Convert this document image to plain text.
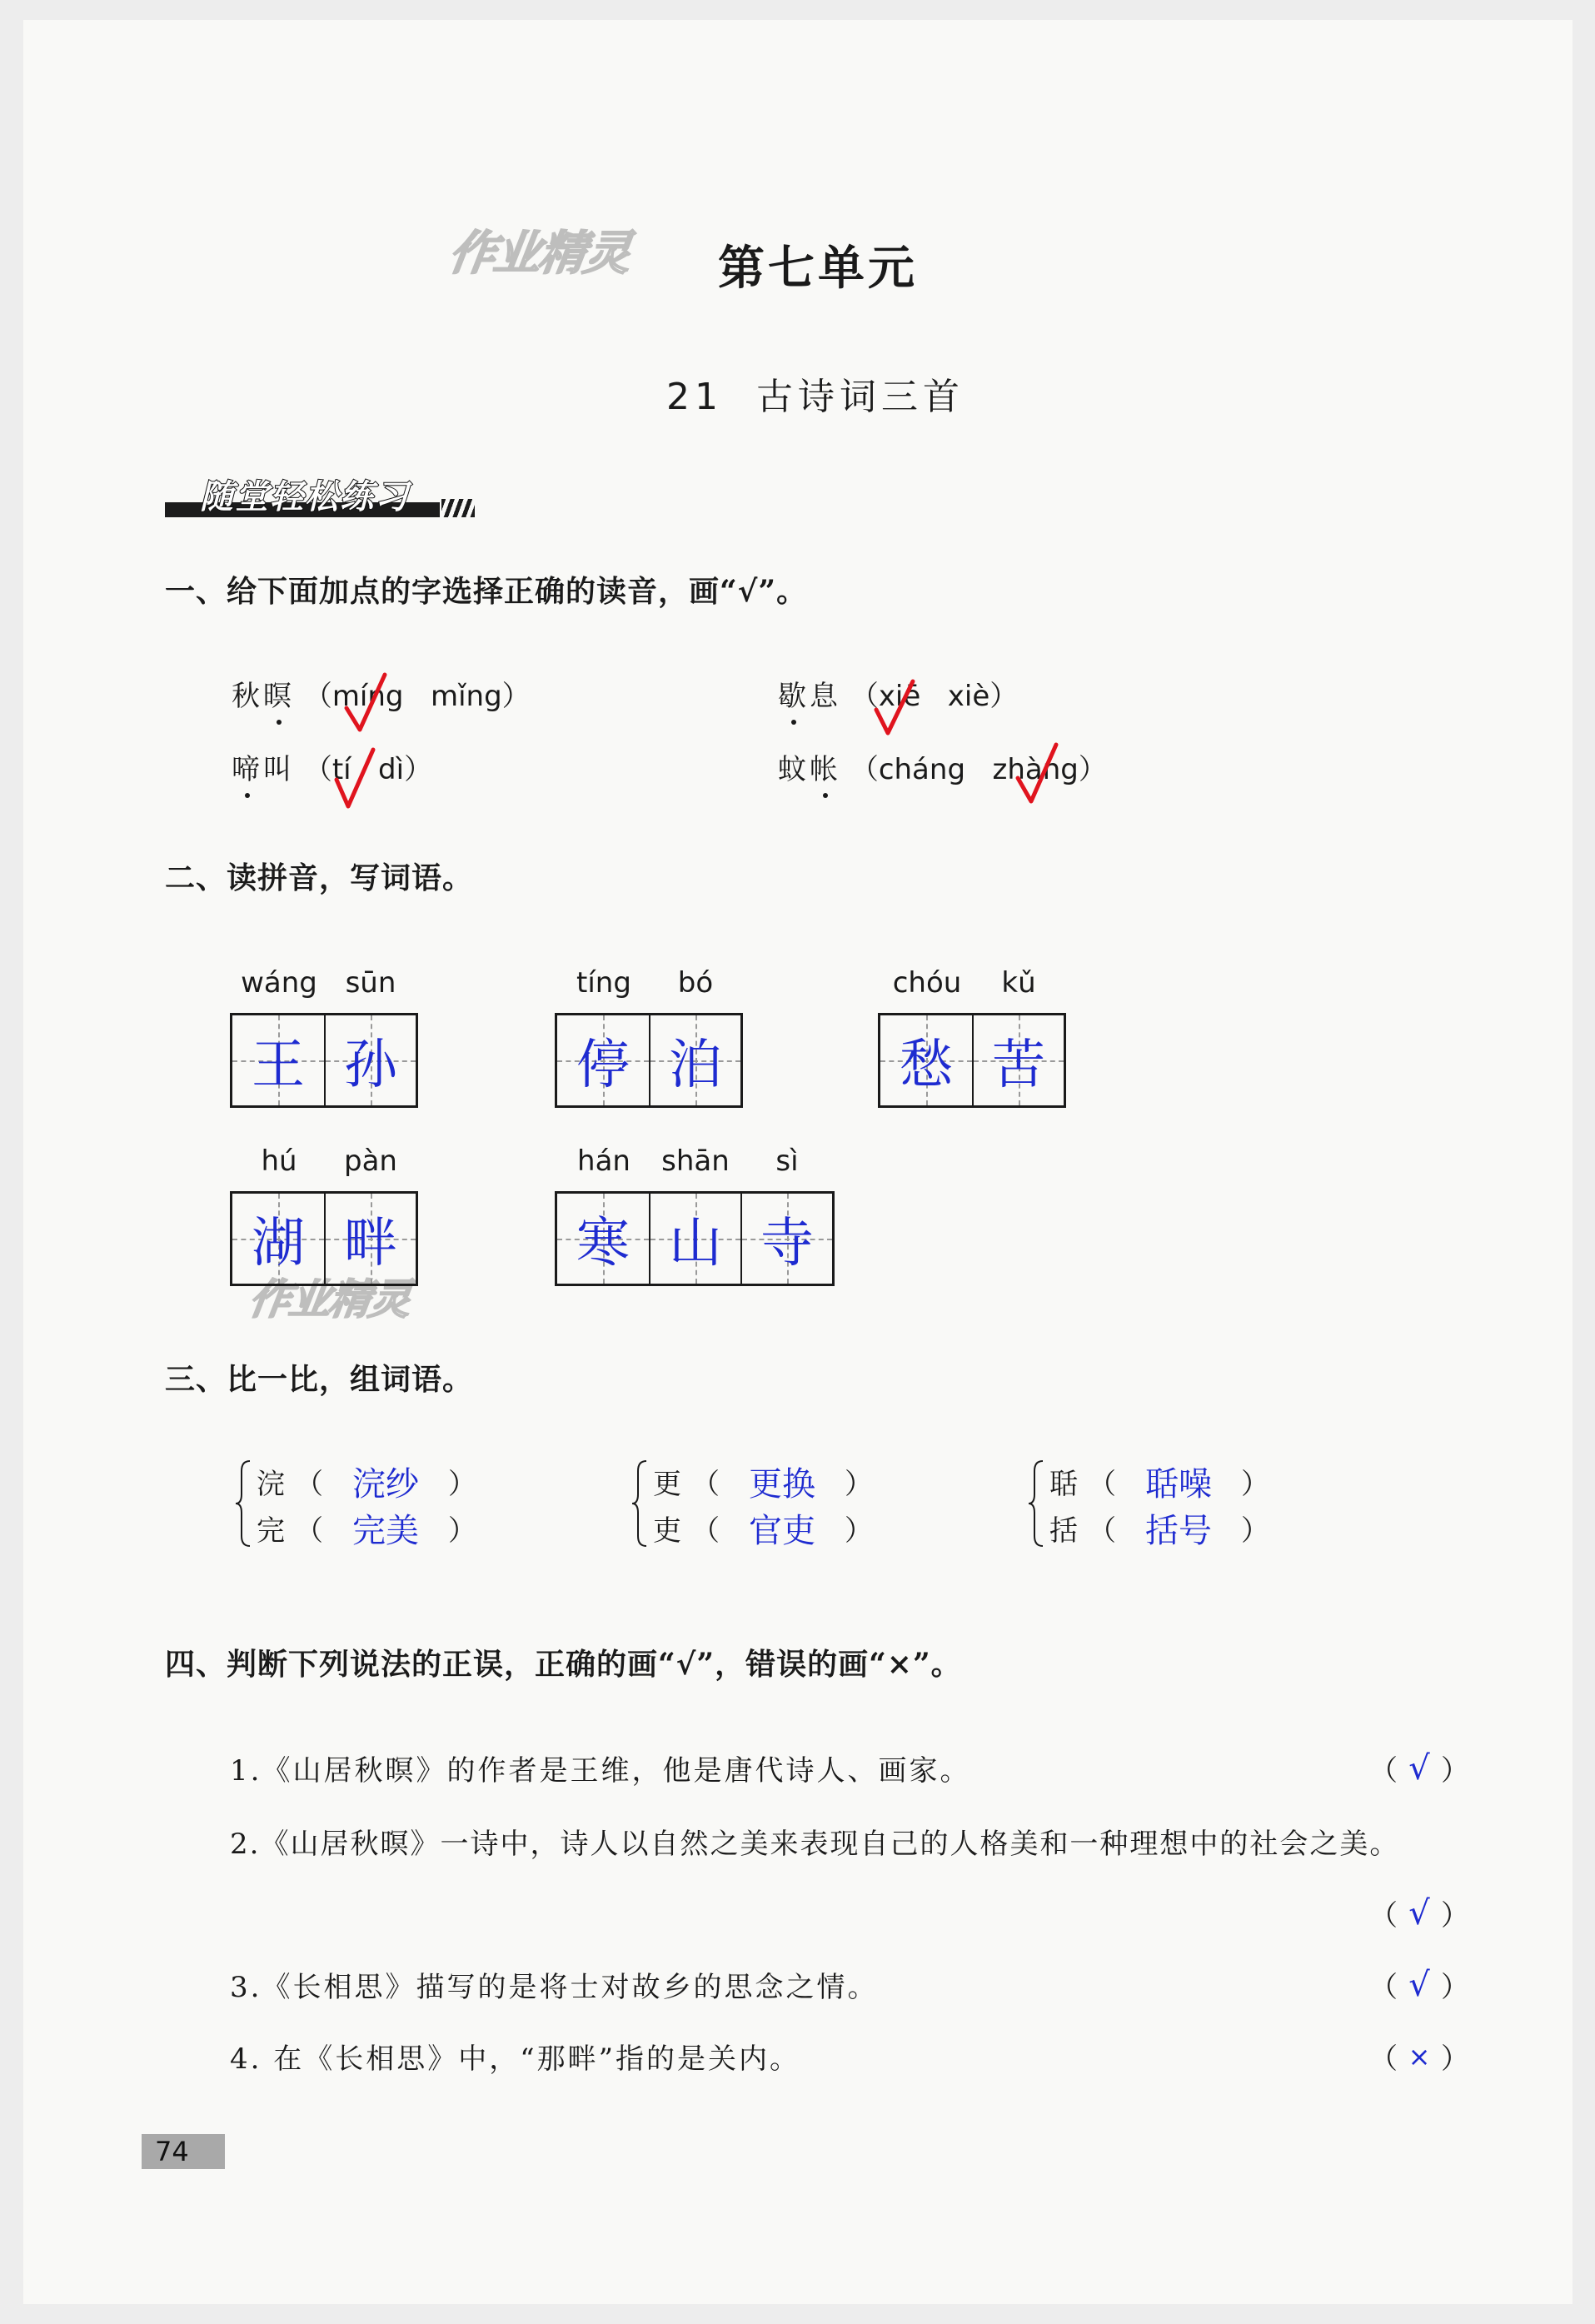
作业精灵
作业精灵
第七单元
21  古诗词三首
随堂轻松练习
一、给下面加点的字选择正确的读音，画“√”。
秋暝 （míng mǐng）	歇息 （xiē xiè）
啼叫 （tí dì）	蚊帐 （cháng zhàng）
二、读拼音，写词语。
wáng sūn
王 孙
tíng	bó
停 泊
chóu	kǔ
愁 苦
hú	pàn
湖 畔
hán	shān	sì
寒 山 寺
三、比一比，组词语。
浣 （ 浣纱	）
完 （ 完美	）
更 （ 更换	）
吏 （ 官吏	）
聒 （ 聒噪	）
括 （ 括号	）
四、判断下列说法的正误，正确的画“√”，错误的画“×”。
1.《山居秋暝》的作者是王维，他是唐代诗人、画家。	（ √ ）
2.《山居秋暝》一诗中，诗人以自然之美来表现自己的人格美和一种理想中的社会之美。
（ √ ）
3.《长相思》描写的是将士对故乡的思念之情。	（ √ ）
4. 在《长相思》中，“那畔”指的是关内。	（ × ）
74
